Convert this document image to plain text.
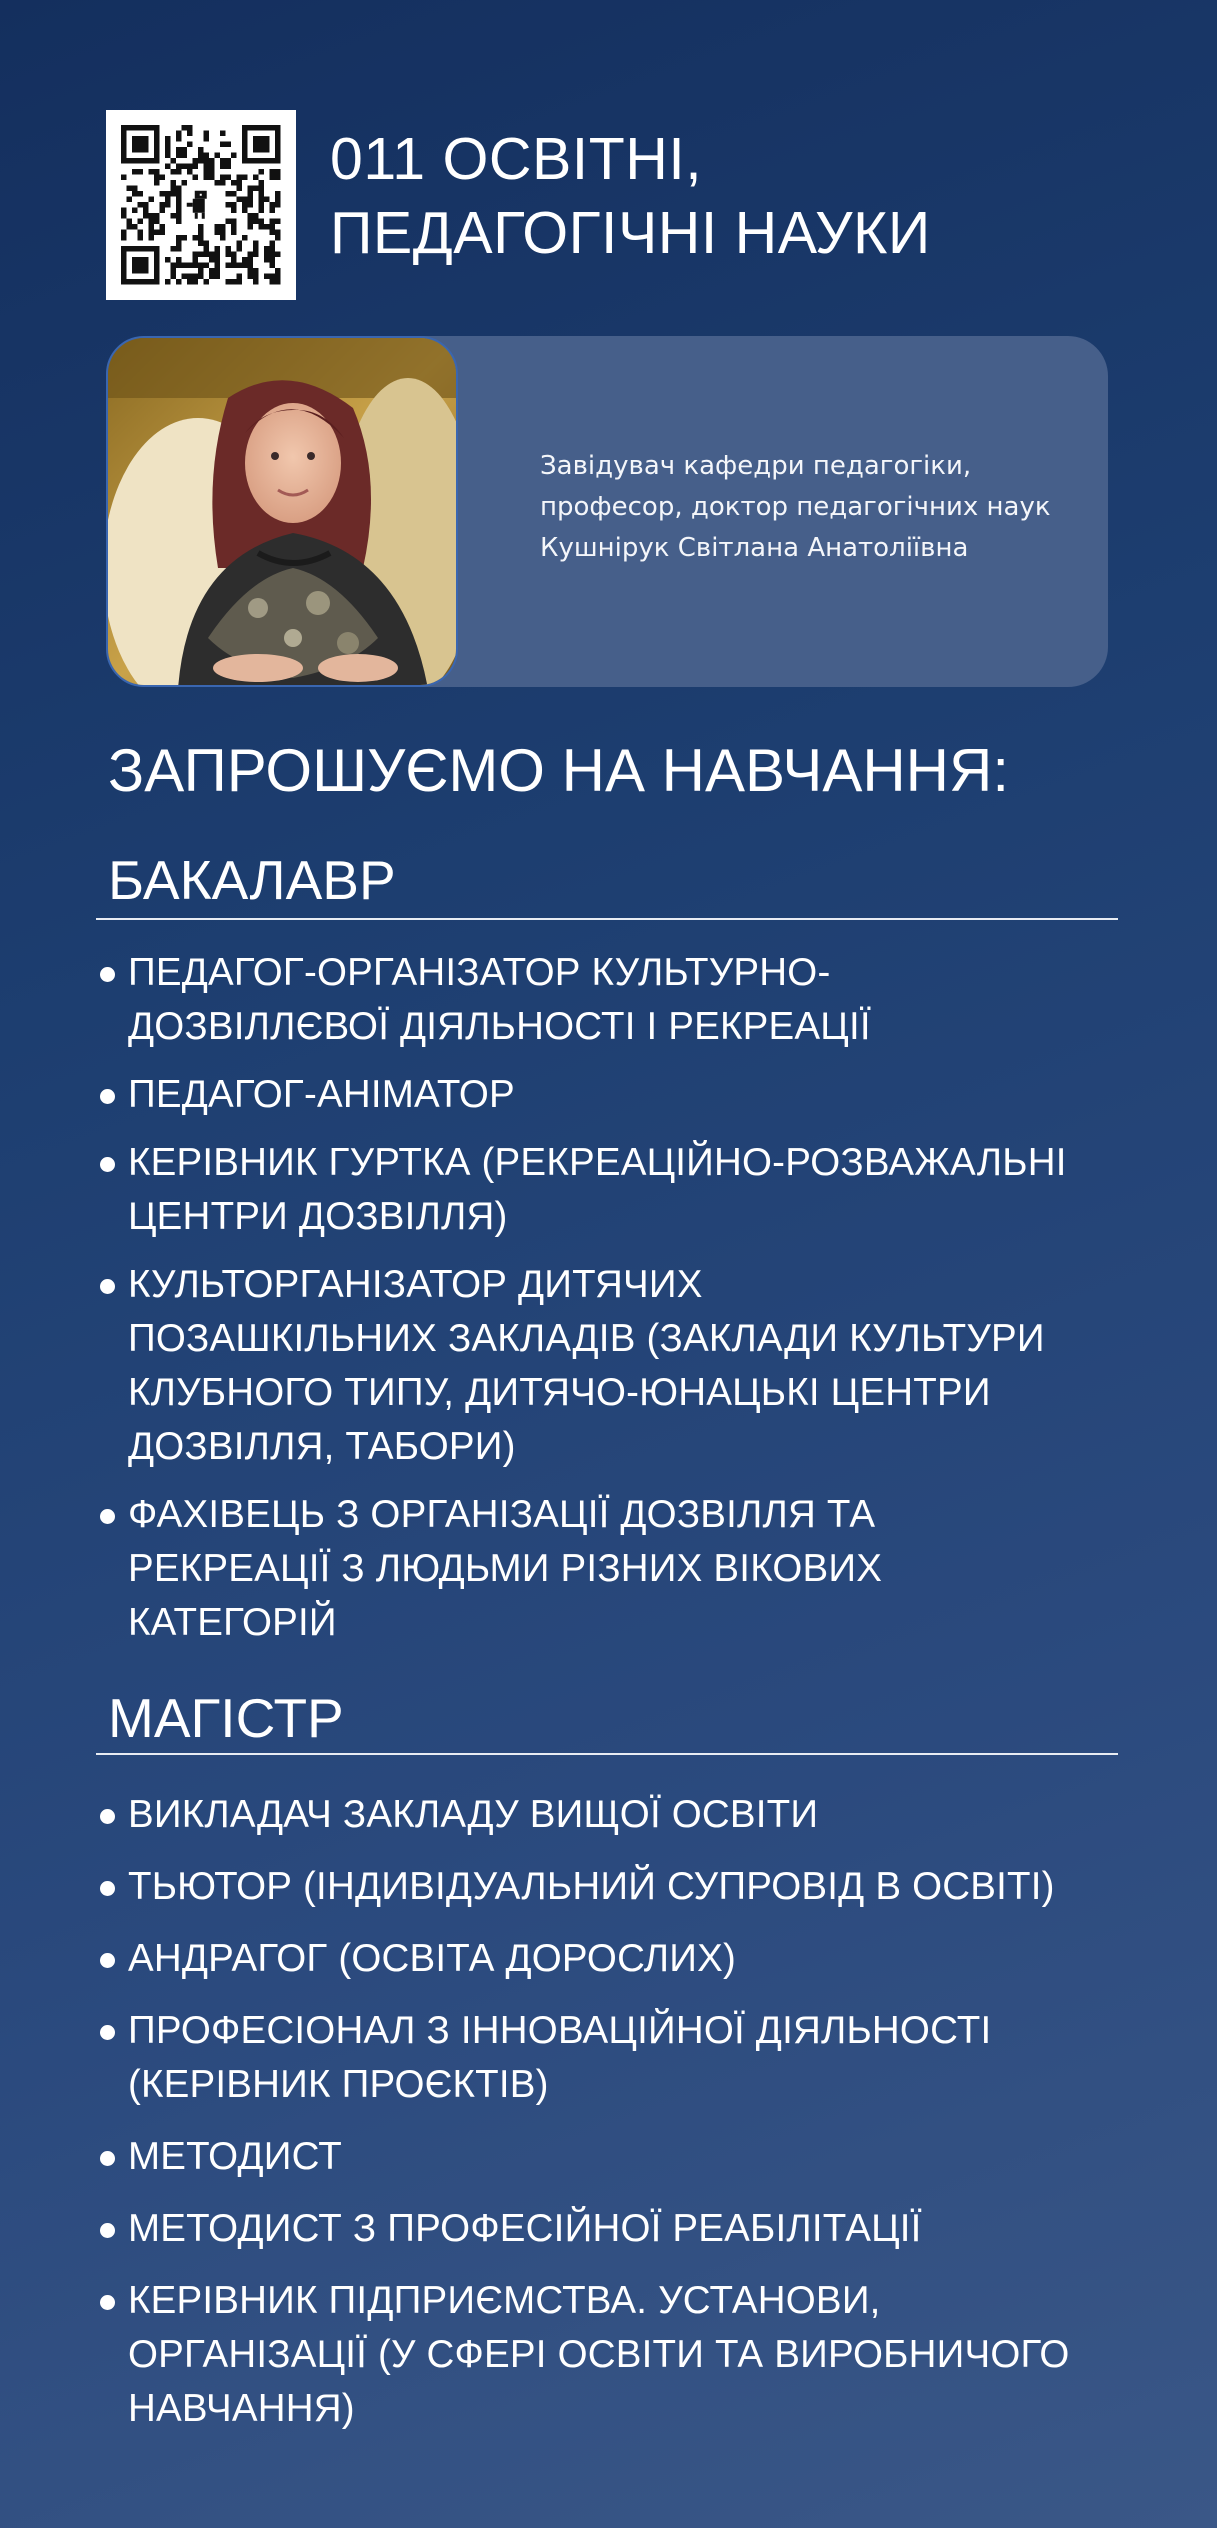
011 ОСВІТНІ,
ПЕДАГОГІЧНІ НАУКИ
Завідувач кафедри педагогіки,
професор, доктор педагогічних наук
Кушнірук Світлана Анатоліївна
ЗАПРОШУЄМО НА НАВЧАННЯ:
БАКАЛАВР
ПЕДАГОГ-ОРГАНІЗАТОР КУЛЬТУРНО-
ДОЗВІЛЛЄВОЇ ДІЯЛЬНОСТІ І РЕКРЕАЦІЇ
ПЕДАГОГ-АНІМАТОР
КЕРІВНИК ГУРТКА (РЕКРЕАЦІЙНО-РОЗВАЖАЛЬНІ
ЦЕНТРИ ДОЗВІЛЛЯ)
КУЛЬТОРГАНІЗАТОР ДИТЯЧИХ
ПОЗАШКІЛЬНИХ ЗАКЛАДІВ (ЗАКЛАДИ КУЛЬТУРИ
КЛУБНОГО ТИПУ, ДИТЯЧО-ЮНАЦЬКІ ЦЕНТРИ
ДОЗВІЛЛЯ, ТАБОРИ)
ФАХІВЕЦЬ З ОРГАНІЗАЦІЇ ДОЗВІЛЛЯ ТА
РЕКРЕАЦІЇ З ЛЮДЬМИ РІЗНИХ ВІКОВИХ
КАТЕГОРІЙ
МАГІСТР
ВИКЛАДАЧ ЗАКЛАДУ ВИЩОЇ ОСВІТИ
ТЬЮТОР (ІНДИВІДУАЛЬНИЙ СУПРОВІД В ОСВІТІ)
АНДРАГОГ (ОСВІТА ДОРОСЛИХ)
ПРОФЕСІОНАЛ З ІННОВАЦІЙНОЇ ДІЯЛЬНОСТІ
(КЕРІВНИК ПРОЄКТІВ)
МЕТОДИСТ
МЕТОДИСТ З ПРОФЕСІЙНОЇ РЕАБІЛІТАЦІЇ
КЕРІВНИК ПІДПРИЄМСТВА. УСТАНОВИ,
ОРГАНІЗАЦІЇ (У СФЕРІ ОСВІТИ ТА ВИРОБНИЧОГО
НАВЧАННЯ)
